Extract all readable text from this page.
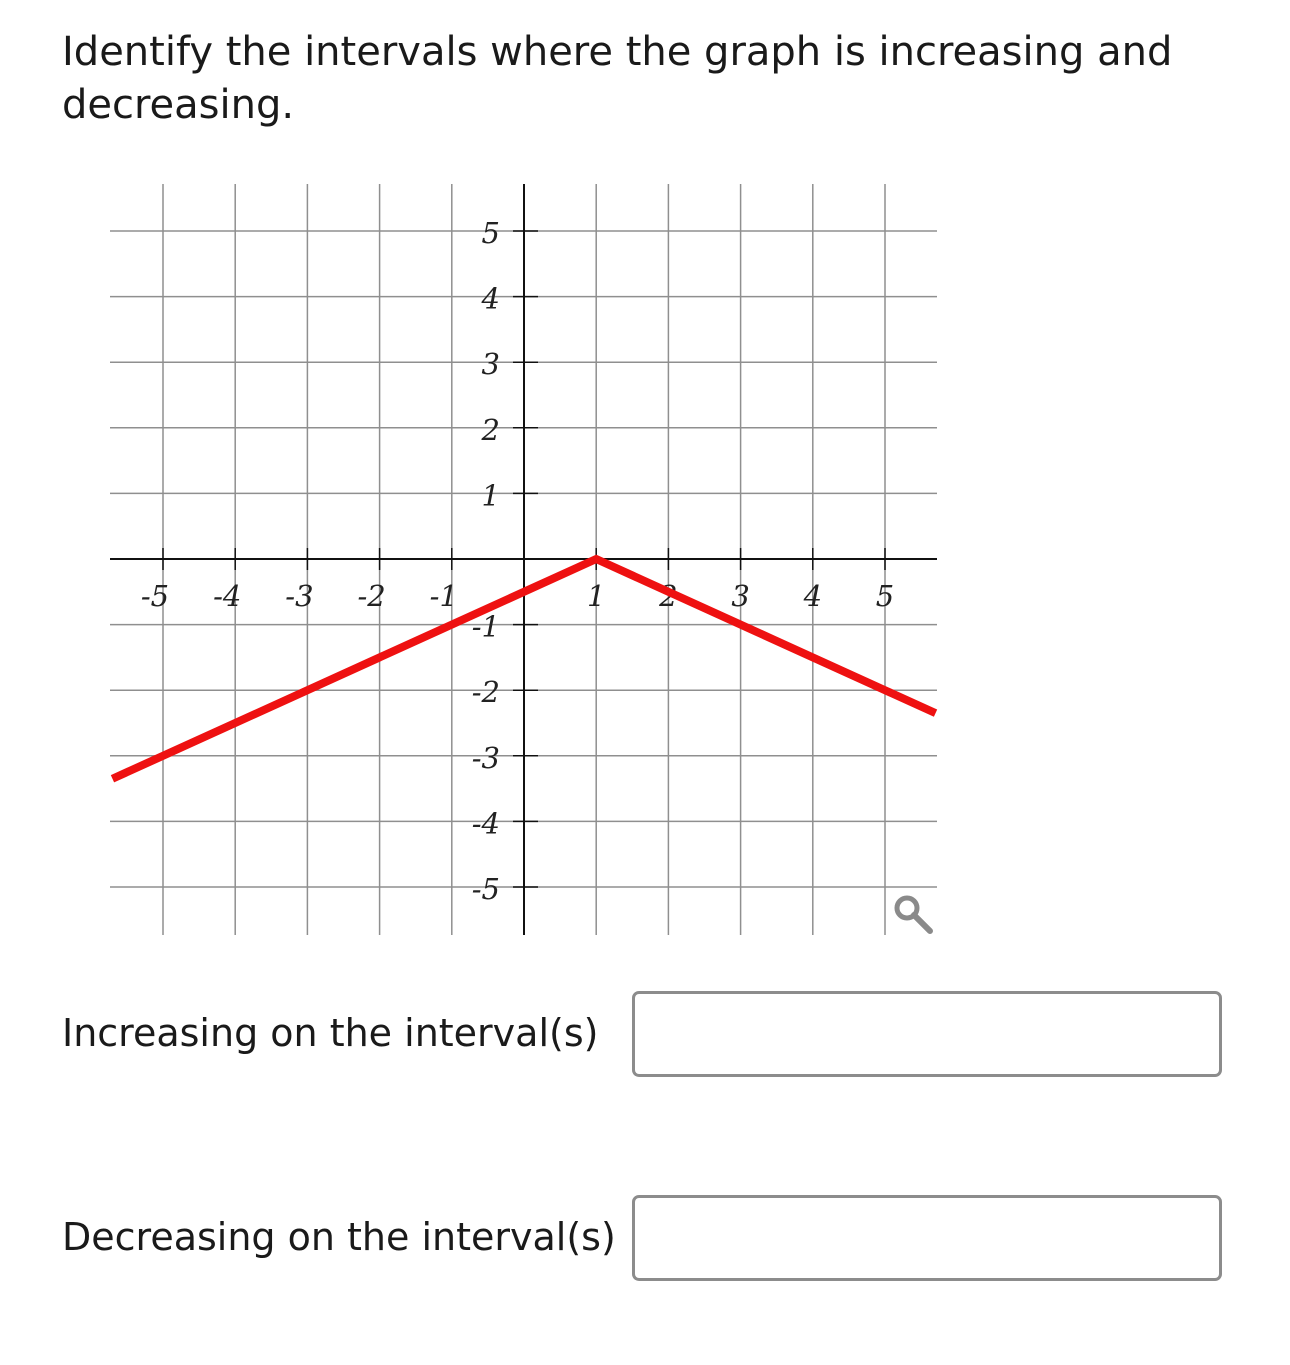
Identify the intervals where the graph is increasing and decreasing.
-5 -4 -3 -2 -1	1 2 3 4 5
5
4
3
2
1
-1
-2
-3
-4
-5
Increasing on the interval(s)
Decreasing on the interval(s)
